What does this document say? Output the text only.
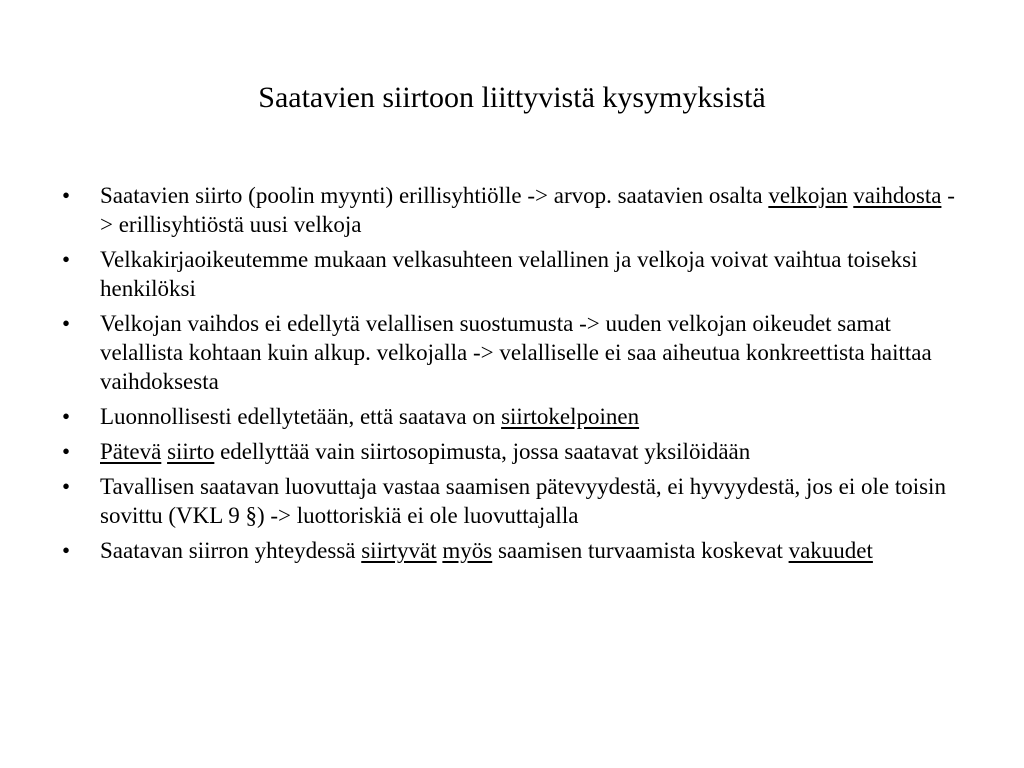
Saatavien siirtoon liittyvistä kysymyksistä
•	Saatavien siirto (poolin myynti) erillisyhtiölle -> arvop. saatavien osalta velkojan vaihdosta -> erillisyhtiöstä uusi velkoja
•	Velkakirjaoikeutemme mukaan velkasuhteen velallinen ja velkoja voivat vaihtua toiseksi henkilöksi
•	Velkojan vaihdos ei edellytä velallisen suostumusta -> uuden velkojan oikeudet samat velallista kohtaan kuin alkup. velkojalla -> velalliselle ei saa aiheutua konkreettista haittaa vaihdoksesta
•	Luonnollisesti edellytetään, että saatava on siirtokelpoinen
•	Pätevä siirto edellyttää vain siirtosopimusta, jossa saatavat yksilöidään
•	Tavallisen saatavan luovuttaja vastaa saamisen pätevyydestä, ei hyvyydestä, jos ei ole toisin sovittu (VKL 9 §) -> luottoriskiä ei ole luovuttajalla
•	Saatavan siirron yhteydessä siirtyvät myös saamisen turvaamista koskevat vakuudet
